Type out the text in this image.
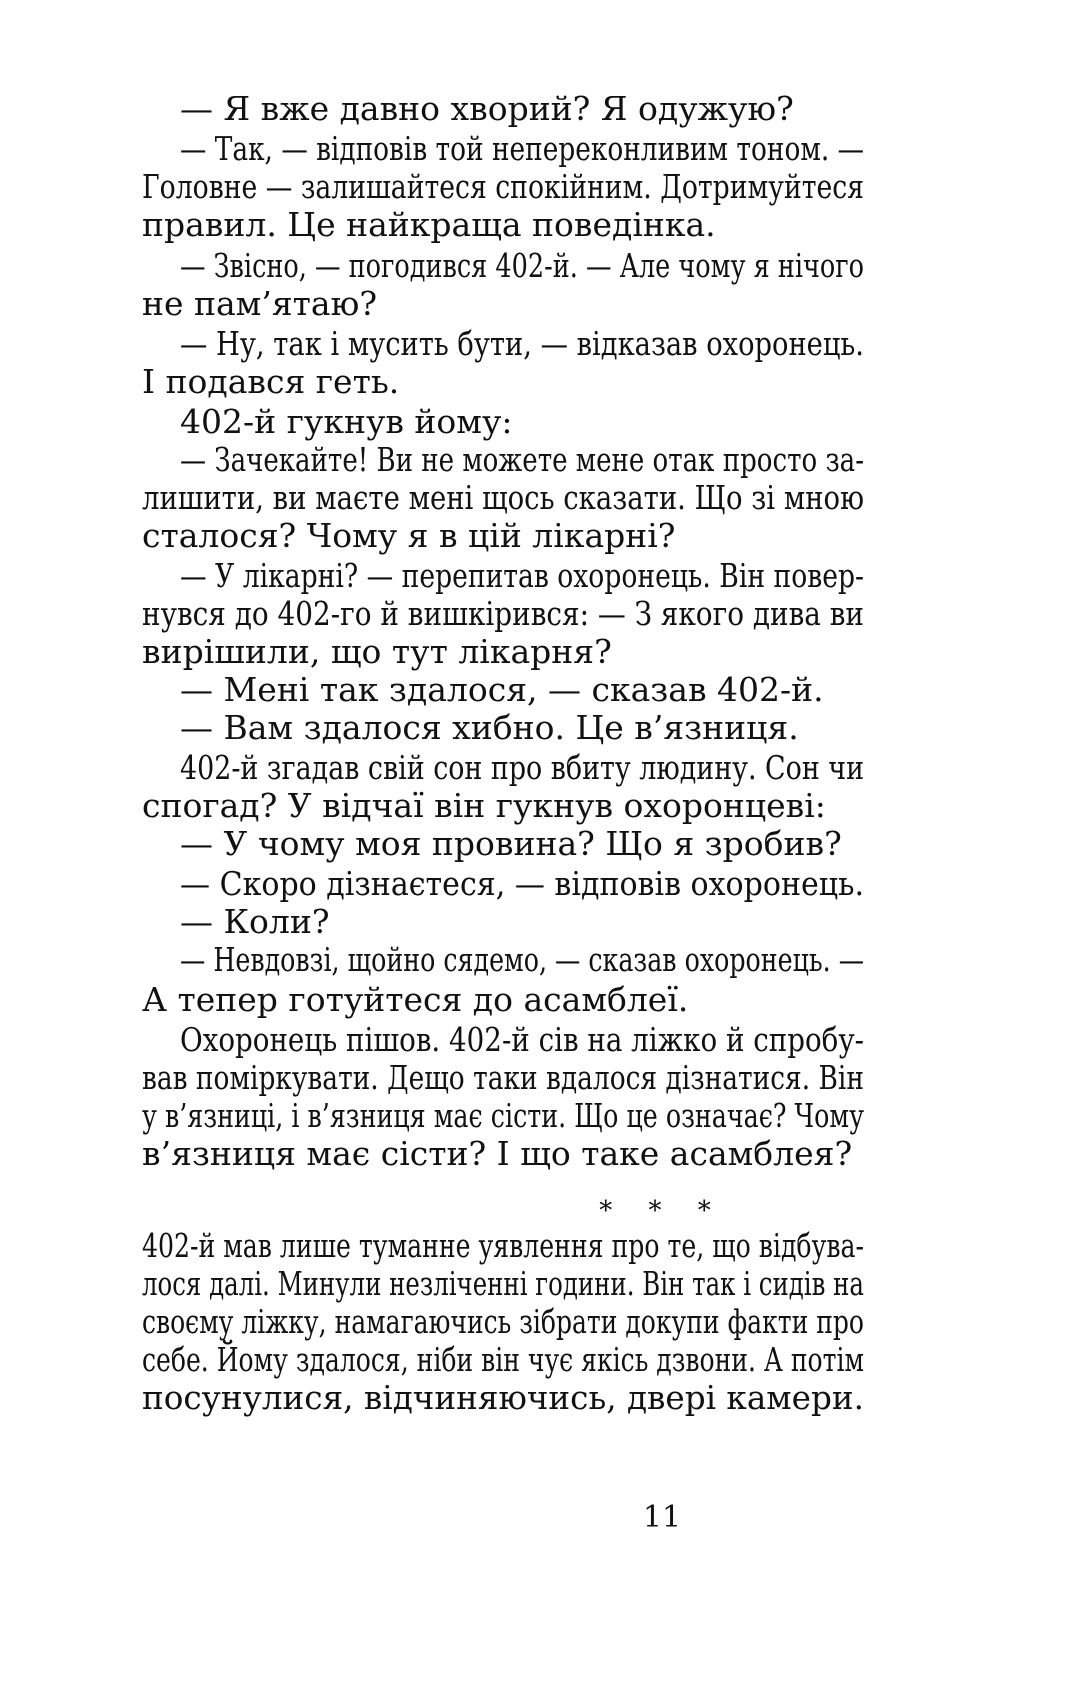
— Я вже давно хворий? Я одужую?
— Так, — відповів той непереконливим тоном. —
Головне — залишайтеся спокійним. Дотримуйтеся
правил. Це найкраща поведінка.
— Звісно, — погодився 402-й. — Але чому я нічого
не пам’ятаю?
— Ну, так і мусить бути, — відказав охоронець.
І подався геть.
402-й гукнув йому:
— Зачекайте! Ви не можете мене отак просто за-
лишити, ви маєте мені щось сказати. Що зі мною
сталося? Чому я в цій лікарні?
— У лікарні? — перепитав охоронець. Він повер-
нувся до 402-го й вишкірився: — З якого дива ви
вирішили, що тут лікарня?
— Мені так здалося, — сказав 402-й.
— Вам здалося хибно. Це в’язниця.
402-й згадав свій сон про вбиту людину. Сон чи
спогад? У відчаї він гукнув охоронцеві:
— У чому моя провина? Що я зробив?
— Скоро дізнаєтеся, — відповів охоронець.
— Коли?
— Невдовзі, щойно сядемо, — сказав охоронець. —
А тепер готуйтеся до асамблеї.
Охоронець пішов. 402-й сів на ліжко й спробу-
вав поміркувати. Дещо таки вдалося дізнатися. Він
у в’язниці, і в’язниця має сісти. Що це означає? Чому
в’язниця має сісти? І що таке асамблея?
402-й мав лише туманне уявлення про те, що відбува-
лося далі. Минули незліченні години. Він так і сидів на
своєму ліжку, намагаючись зібрати докупи факти про
себе. Йому здалося, ніби він чує якісь дзвони. А потім
посунулися, відчиняючись, двері камери.
* * *
11
